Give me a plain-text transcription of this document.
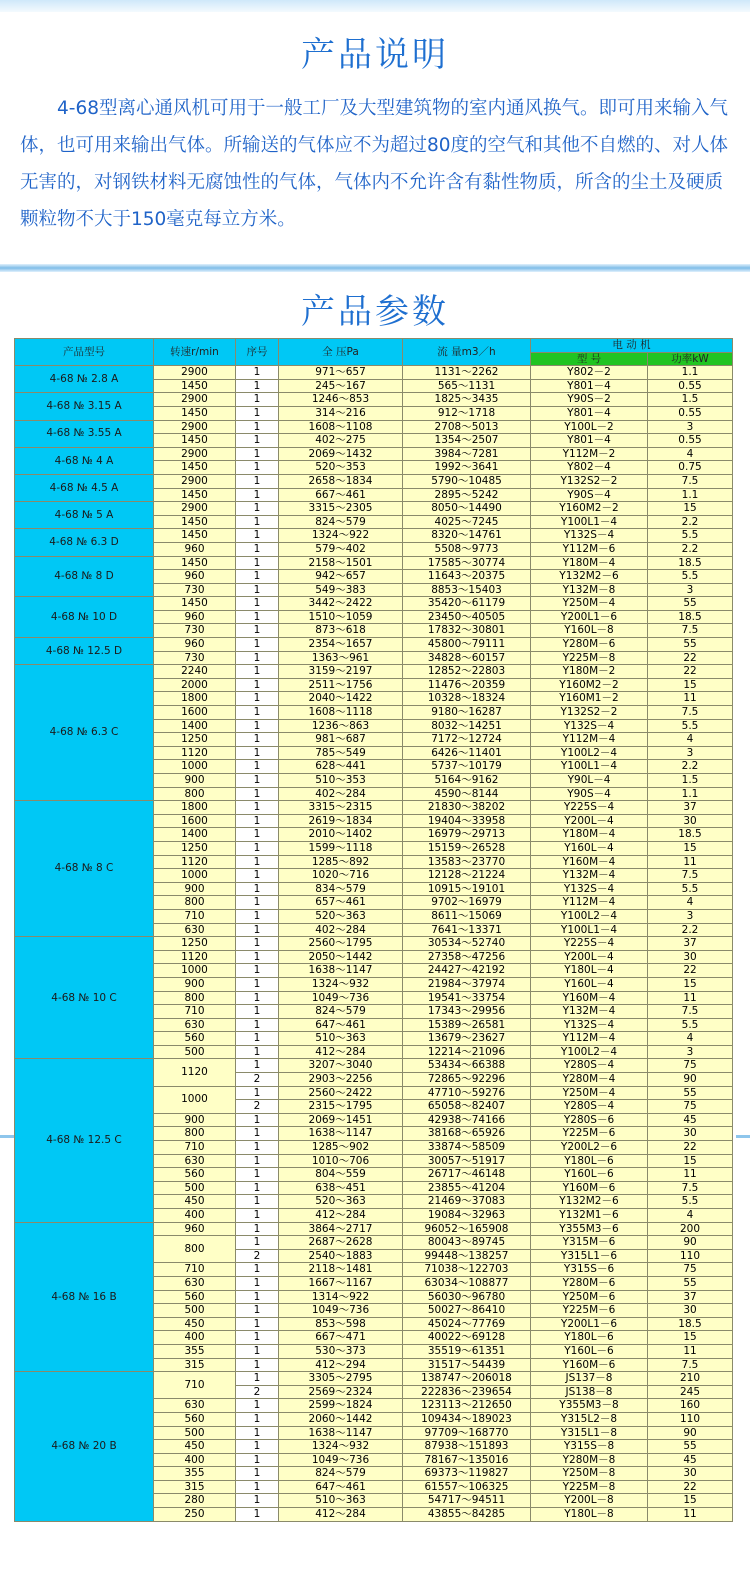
产品说明
4-68型离心通风机可用于一般工厂及大型建筑物的室内通风换气。即可用来输入气体，也可用来输出气体。所输送的气体应不为超过80度的空气和其他不自燃的、对人体无害的，对钢铁材料无腐蚀性的气体，气体内不允许含有黏性物质，所含的尘土及硬质颗粒物不大于150毫克每立方米。
产品参数
产品型号	转速r/min	序号	全 压Pa	流 量m3／h	电 动 机	
					型 号	功率kW
4-68 № 2.8 A	2900	1	971～657	1131～2262	Y802－2	1.1
	1450	1	245～167	565～1131	Y801－4	0.55
4-68 № 3.15 A	2900	1	1246～853	1825～3435	Y90S－2	1.5
	1450	1	314～216	912～1718	Y801－4	0.55
4-68 № 3.55 A	2900	1	1608～1108	2708～5013	Y100L－2	3
	1450	1	402～275	1354～2507	Y801－4	0.55
4-68 № 4 A	2900	1	2069～1432	3984～7281	Y112M－2	4
	1450	1	520～353	1992～3641	Y802－4	0.75
4-68 № 4.5 A	2900	1	2658～1834	5790～10485	Y132S2－2	7.5
	1450	1	667～461	2895～5242	Y90S－4	1.1
4-68 № 5 A	2900	1	3315～2305	8050～14490	Y160M2－2	15
	1450	1	824～579	4025～7245	Y100L1－4	2.2
4-68 № 6.3 D	1450	1	1324～922	8320～14761	Y132S－4	5.5
	960	1	579～402	5508～9773	Y112M－6	2.2
4-68 № 8 D	1450	1	2158～1501	17585～30774	Y180M－4	18.5
	960	1	942～657	11643～20375	Y132M2－6	5.5
	730	1	549～383	8853～15403	Y132M－8	3
4-68 № 10 D	1450	1	3442～2422	35420～61179	Y250M－4	55
	960	1	1510～1059	23450～40505	Y200L1－6	18.5
	730	1	873～618	17832～30801	Y160L－8	7.5
4-68 № 12.5 D	960	1	2354～1657	45800～79111	Y280M－6	55
	730	1	1363～961	34828～60157	Y225M－8	22
4-68 № 6.3 C	2240	1	3159～2197	12852～22803	Y180M－2	22
	2000	1	2511～1756	11476～20359	Y160M2－2	15
	1800	1	2040～1422	10328～18324	Y160M1－2	11
	1600	1	1608～1118	9180～16287	Y132S2－2	7.5
	1400	1	1236～863	8032～14251	Y132S－4	5.5
	1250	1	981～687	7172～12724	Y112M－4	4
	1120	1	785～549	6426～11401	Y100L2－4	3
	1000	1	628～441	5737～10179	Y100L1－4	2.2
	900	1	510～353	5164～9162	Y90L－4	1.5
	800	1	402～284	4590～8144	Y90S－4	1.1
4-68 № 8 C	1800	1	3315～2315	21830～38202	Y225S－4	37
	1600	1	2619～1834	19404～33958	Y200L－4	30
	1400	1	2010～1402	16979～29713	Y180M－4	18.5
	1250	1	1599～1118	15159～26528	Y160L－4	15
	1120	1	1285～892	13583～23770	Y160M－4	11
	1000	1	1020～716	12128～21224	Y132M－4	7.5
	900	1	834～579	10915～19101	Y132S－4	5.5
	800	1	657～461	9702～16979	Y112M－4	4
	710	1	520～363	8611～15069	Y100L2－4	3
	630	1	402～284	7641～13371	Y100L1－4	2.2
4-68 № 10 C	1250	1	2560～1795	30534～52740	Y225S－4	37
	1120	1	2050～1442	27358～47256	Y200L－4	30
	1000	1	1638～1147	24427～42192	Y180L－4	22
	900	1	1324～932	21984～37974	Y160L－4	15
	800	1	1049～736	19541～33754	Y160M－4	11
	710	1	824～579	17343～29956	Y132M－4	7.5
	630	1	647～461	15389～26581	Y132S－4	5.5
	560	1	510～363	13679～23627	Y112M－4	4
	500	1	412～284	12214～21096	Y100L2－4	3
4-68 № 12.5 C	1120	1	3207～3040	53434～66388	Y280S－4	75
		2	2903～2256	72865～92296	Y280M－4	90
	1000	1	2560～2422	47710～59276	Y250M－4	55
		2	2315～1795	65058～82407	Y280S－4	75
	900	1	2069～1451	42938～74166	Y280S－6	45
	800	1	1638～1147	38168～65926	Y225M－6	30
	710	1	1285～902	33874～58509	Y200L2－6	22
	630	1	1010～706	30057～51917	Y180L－6	15
	560	1	804～559	26717～46148	Y160L－6	11
	500	1	638～451	23855～41204	Y160M－6	7.5
	450	1	520～363	21469～37083	Y132M2－6	5.5
	400	1	412～284	19084～32963	Y132M1－6	4
4-68 № 16 B	960	1	3864～2717	96052～165908	Y355M3－6	200
	800	1	2687～2628	80043～89745	Y315M－6	90
		2	2540～1883	99448～138257	Y315L1－6	110
	710	1	2118～1481	71038～122703	Y315S－6	75
	630	1	1667～1167	63034～108877	Y280M－6	55
	560	1	1314～922	56030～96780	Y250M－6	37
	500	1	1049～736	50027～86410	Y225M－6	30
	450	1	853～598	45024～77769	Y200L1－6	18.5
	400	1	667～471	40022～69128	Y180L－6	15
	355	1	530～373	35519～61351	Y160L－6	11
	315	1	412～294	31517～54439	Y160M－6	7.5
4-68 № 20 B	710	1	3305～2795	138747～206018	JS137－8	210
		2	2569～2324	222836～239654	JS138－8	245
	630	1	2599～1824	123113～212650	Y355M3－8	160
	560	1	2060～1442	109434～189023	Y315L2－8	110
	500	1	1638～1147	97709～168770	Y315L1－8	90
	450	1	1324～932	87938～151893	Y315S－8	55
	400	1	1049～736	78167～135016	Y280M－8	45
	355	1	824～579	69373～119827	Y250M－8	30
	315	1	647～461	61557～106325	Y225M－8	22
	280	1	510～363	54717～94511	Y200L－8	15
	250	1	412～284	43855～84285	Y180L－8	11
